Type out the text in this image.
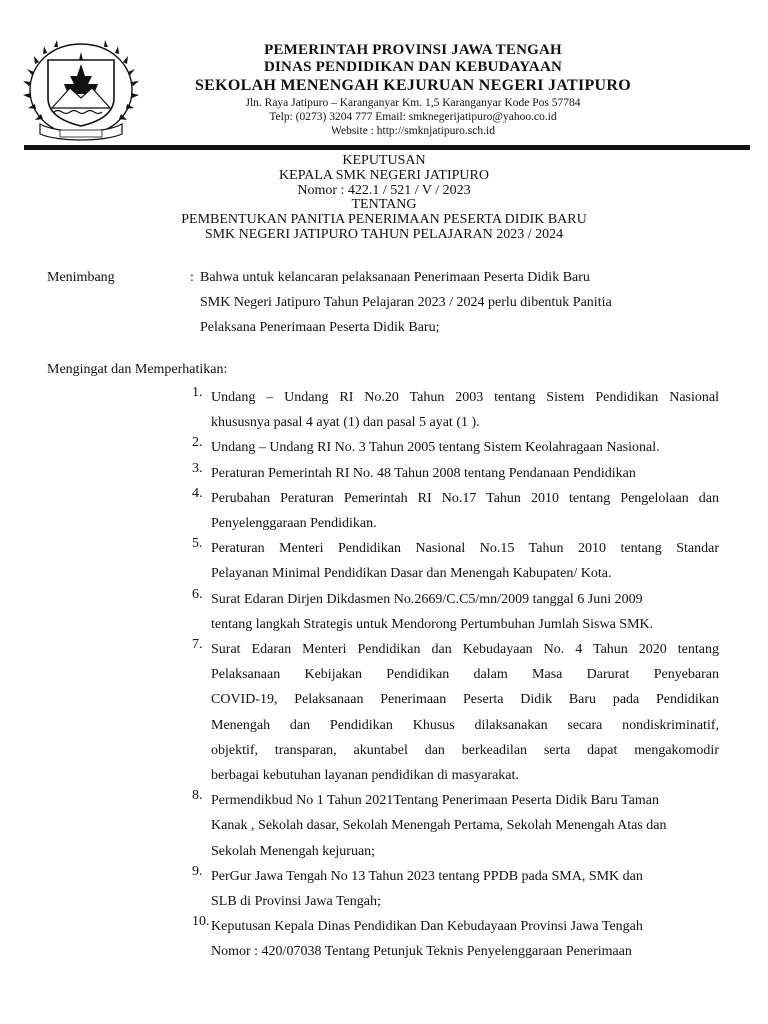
PEMERINTAH PROVINSI JAWA TENGAH
DINAS PENDIDIKAN DAN KEBUDAYAAN
SEKOLAH MENENGAH KEJURUAN NEGERI JATIPURO
Jln. Raya Jatipuro – Karanganyar Km. 1,5 Karanganyar Kode Pos 57784
Telp: (0273) 3204 777 Email: smknegerijatipuro@yahoo.co.id
Website : http://smknjatipuro.sch.id
KEPUTUSAN
KEPALA SMK NEGERI JATIPURO
Nomor : 422.1 / 521 / V / 2023
TENTANG
PEMBENTUKAN PANITIA PENERIMAAN PESERTA DIDIK BARU
SMK NEGERI JATIPURO TAHUN PELAJARAN 2023 / 2024
Menimbang	: Bahwa untuk kelancaran pelaksanaan Penerimaan Peserta Didik Baru
SMK Negeri Jatipuro Tahun Pelajaran 2023 / 2024 perlu dibentuk Panitia
Pelaksana Penerimaan Peserta Didik Baru;
Mengingat dan Memperhatikan:
1. Undang – Undang RI No.20 Tahun 2003 tentang Sistem Pendidikan Nasional
khususnya pasal 4 ayat (1) dan pasal 5 ayat (1 ).
2. Undang – Undang RI No. 3 Tahun 2005 tentang Sistem Keolahragaan Nasional.
3. Peraturan Pemerintah RI No. 48 Tahun 2008 tentang Pendanaan Pendidikan
4. Perubahan Peraturan Pemerintah RI No.17 Tahun 2010 tentang Pengelolaan dan
Penyelenggaraan Pendidikan.
5. Peraturan Menteri Pendidikan Nasional No.15 Tahun 2010 tentang Standar
Pelayanan Minimal Pendidikan Dasar dan Menengah Kabupaten/ Kota.
6. Surat Edaran Dirjen Dikdasmen No.2669/C.C5/mn/2009 tanggal 6 Juni 2009
tentang langkah Strategis untuk Mendorong Pertumbuhan Jumlah Siswa SMK.
7. Surat Edaran Menteri Pendidikan dan Kebudayaan No. 4 Tahun 2020 tentang
Pelaksanaan Kebijakan Pendidikan dalam Masa Darurat Penyebaran
COVID-19, Pelaksanaan Penerimaan Peserta Didik Baru pada Pendidikan
Menengah dan Pendidikan Khusus dilaksanakan secara nondiskriminatif,
objektif, transparan, akuntabel dan berkeadilan serta dapat mengakomodir
berbagai kebutuhan layanan pendidikan di masyarakat.
8. Permendikbud No 1 Tahun 2021Tentang Penerimaan Peserta Didik Baru Taman
Kanak , Sekolah dasar, Sekolah Menengah Pertama, Sekolah Menengah Atas dan
Sekolah Menengah kejuruan;
9. PerGur Jawa Tengah No 13 Tahun 2023 tentang PPDB pada SMA, SMK dan
SLB di Provinsi Jawa Tengah;
10. Keputusan Kepala Dinas Pendidikan Dan Kebudayaan Provinsi Jawa Tengah
Nomor : 420/07038 Tentang Petunjuk Teknis Penyelenggaraan Penerimaan
